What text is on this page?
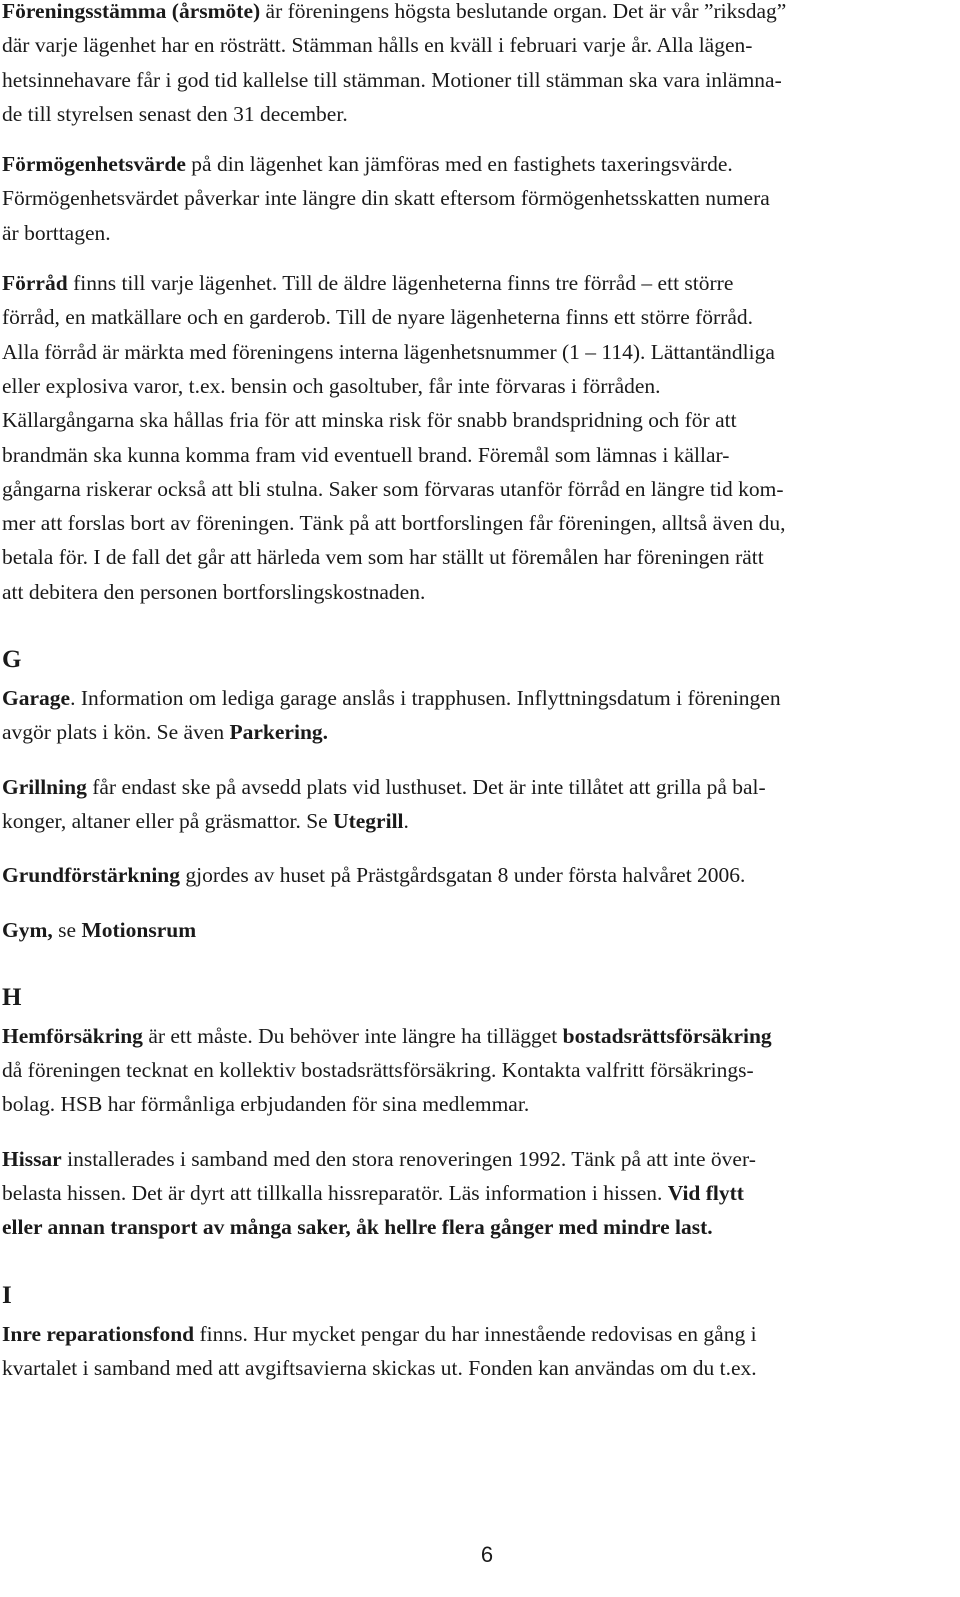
Föreningsstämma (årsmöte) är föreningens högsta beslutande organ. Det är vår ”riksdag”
där varje lägenhet har en rösträtt. Stämman hålls en kväll i februari varje år. Alla lägen-
hetsinnehavare får i god tid kallelse till stämman. Motioner till stämman ska vara inlämna-
de till styrelsen senast den 31 december.

Förmögenhetsvärde på din lägenhet kan jämföras med en fastighets taxeringsvärde.
Förmögenhetsvärdet påverkar inte längre din skatt eftersom förmögenhetsskatten numera
är borttagen.

Förråd finns till varje lägenhet. Till de äldre lägenheterna finns tre förråd – ett större
förråd, en matkällare och en garderob. Till de nyare lägenheterna finns ett större förråd.
Alla förråd är märkta med föreningens interna lägenhetsnummer (1 – 114). Lättantändliga
eller explosiva varor, t.ex. bensin och gasoltuber, får inte förvaras i förråden.
Källargångarna ska hållas fria för att minska risk för snabb brandspridning och för att
brandmän ska kunna komma fram vid eventuell brand. Föremål som lämnas i källar-
gångarna riskerar också att bli stulna. Saker som förvaras utanför förråd en längre tid kom-
mer att forslas bort av föreningen. Tänk på att bortforslingen får föreningen, alltså även du,
betala för. I de fall det går att härleda vem som har ställt ut föremålen har föreningen rätt
att debitera den personen bortforslingskostnaden.

G

Garage. Information om lediga garage anslås i trapphusen. Inflyttningsdatum i föreningen
avgör plats i kön. Se även Parkering.

Grillning får endast ske på avsedd plats vid lusthuset. Det är inte tillåtet att grilla på bal-
konger, altaner eller på gräsmattor. Se Utegrill.

Grundförstärkning gjordes av huset på Prästgårdsgatan 8 under första halvåret 2006.

Gym, se Motionsrum

H

Hemförsäkring är ett måste. Du behöver inte längre ha tillägget bostadsrättsförsäkring
då föreningen tecknat en kollektiv bostadsrättsförsäkring. Kontakta valfritt försäkrings-
bolag. HSB har förmånliga erbjudanden för sina medlemmar.

Hissar installerades i samband med den stora renoveringen 1992. Tänk på att inte över-
belasta hissen. Det är dyrt att tillkalla hissreparatör. Läs information i hissen. Vid flytt
eller annan transport av många saker, åk hellre flera gånger med mindre last.

I

Inre reparationsfond finns. Hur mycket pengar du har innestående redovisas en gång i
kvartalet i samband med att avgiftsavierna skickas ut. Fonden kan användas om du t.ex.

6
